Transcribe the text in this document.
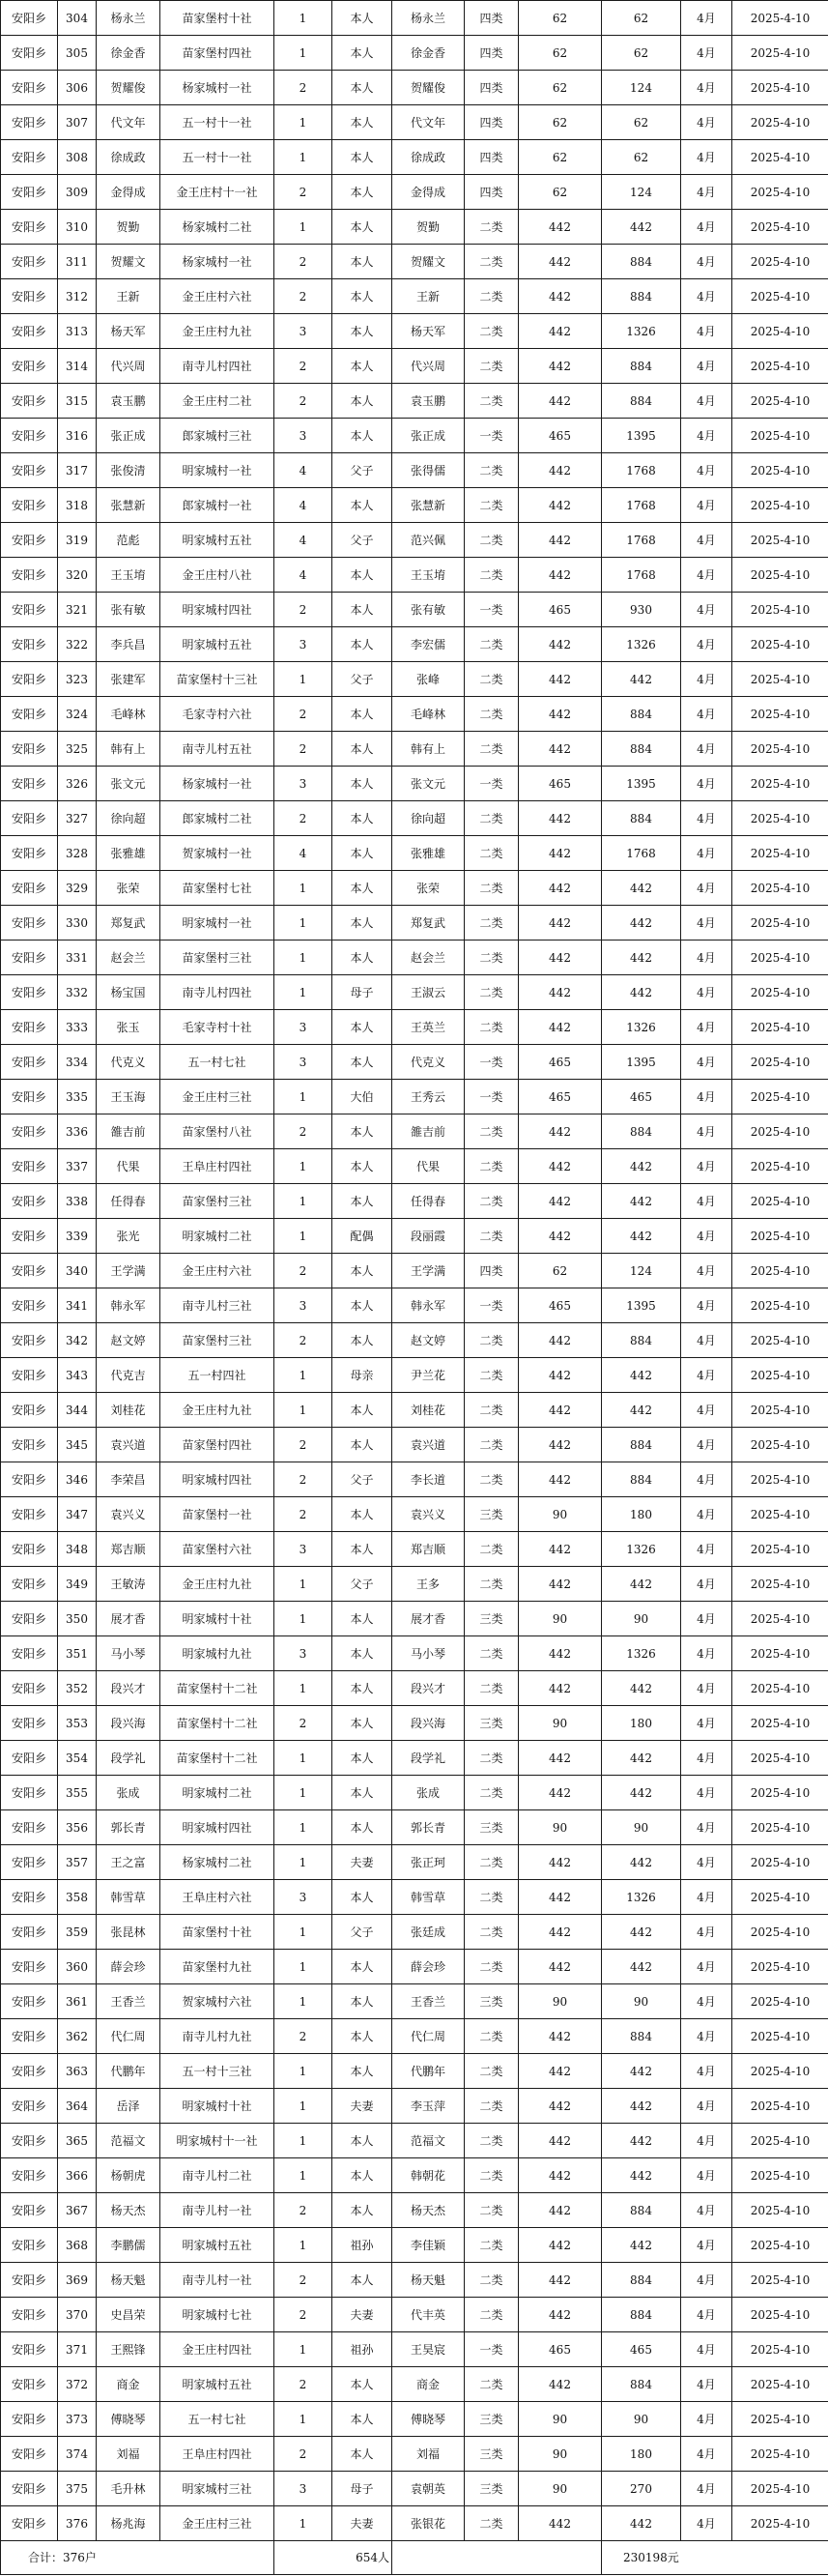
安阳乡	304	杨永兰	苗家堡村十社	1	本人	杨永兰	四类	62	62	4月	2025-4-10
安阳乡	305	徐金香	苗家堡村四社	1	本人	徐金香	四类	62	62	4月	2025-4-10
安阳乡	306	贺耀俊	杨家城村一社	2	本人	贺耀俊	四类	62	124	4月	2025-4-10
安阳乡	307	代文年	五一村十一社	1	本人	代文年	四类	62	62	4月	2025-4-10
安阳乡	308	徐成政	五一村十一社	1	本人	徐成政	四类	62	62	4月	2025-4-10
安阳乡	309	金得成	金王庄村十一社	2	本人	金得成	四类	62	124	4月	2025-4-10
安阳乡	310	贺勤	杨家城村二社	1	本人	贺勤	二类	442	442	4月	2025-4-10
安阳乡	311	贺耀文	杨家城村一社	2	本人	贺耀文	二类	442	884	4月	2025-4-10
安阳乡	312	王新	金王庄村六社	2	本人	王新	二类	442	884	4月	2025-4-10
安阳乡	313	杨天军	金王庄村九社	3	本人	杨天军	二类	442	1326	4月	2025-4-10
安阳乡	314	代兴周	南寺儿村四社	2	本人	代兴周	二类	442	884	4月	2025-4-10
安阳乡	315	袁玉鹏	金王庄村二社	2	本人	袁玉鹏	二类	442	884	4月	2025-4-10
安阳乡	316	张正成	郎家城村三社	3	本人	张正成	一类	465	1395	4月	2025-4-10
安阳乡	317	张俊清	明家城村一社	4	父子	张得儒	二类	442	1768	4月	2025-4-10
安阳乡	318	张慧新	郎家城村一社	4	本人	张慧新	二类	442	1768	4月	2025-4-10
安阳乡	319	范彪	明家城村五社	4	父子	范兴佩	二类	442	1768	4月	2025-4-10
安阳乡	320	王玉堉	金王庄村八社	4	本人	王玉堉	二类	442	1768	4月	2025-4-10
安阳乡	321	张有敏	明家城村四社	2	本人	张有敏	一类	465	930	4月	2025-4-10
安阳乡	322	李兵昌	明家城村五社	3	本人	李宏儒	二类	442	1326	4月	2025-4-10
安阳乡	323	张建军	苗家堡村十三社	1	父子	张峰	二类	442	442	4月	2025-4-10
安阳乡	324	毛峰林	毛家寺村六社	2	本人	毛峰林	二类	442	884	4月	2025-4-10
安阳乡	325	韩有上	南寺儿村五社	2	本人	韩有上	二类	442	884	4月	2025-4-10
安阳乡	326	张文元	杨家城村一社	3	本人	张文元	一类	465	1395	4月	2025-4-10
安阳乡	327	徐向超	郎家城村二社	2	本人	徐向超	二类	442	884	4月	2025-4-10
安阳乡	328	张雅雄	贺家城村一社	4	本人	张雅雄	二类	442	1768	4月	2025-4-10
安阳乡	329	张荣	苗家堡村七社	1	本人	张荣	二类	442	442	4月	2025-4-10
安阳乡	330	郑复武	明家城村一社	1	本人	郑复武	二类	442	442	4月	2025-4-10
安阳乡	331	赵会兰	苗家堡村三社	1	本人	赵会兰	二类	442	442	4月	2025-4-10
安阳乡	332	杨宝国	南寺儿村四社	1	母子	王淑云	二类	442	442	4月	2025-4-10
安阳乡	333	张玉	毛家寺村十社	3	本人	王英兰	二类	442	1326	4月	2025-4-10
安阳乡	334	代克义	五一村七社	3	本人	代克义	一类	465	1395	4月	2025-4-10
安阳乡	335	王玉海	金王庄村三社	1	大伯	王秀云	一类	465	465	4月	2025-4-10
安阳乡	336	雒吉前	苗家堡村八社	2	本人	雒吉前	二类	442	884	4月	2025-4-10
安阳乡	337	代果	王阜庄村四社	1	本人	代果	二类	442	442	4月	2025-4-10
安阳乡	338	任得春	苗家堡村三社	1	本人	任得春	二类	442	442	4月	2025-4-10
安阳乡	339	张光	明家城村二社	1	配偶	段丽霞	二类	442	442	4月	2025-4-10
安阳乡	340	王学满	金王庄村六社	2	本人	王学满	四类	62	124	4月	2025-4-10
安阳乡	341	韩永军	南寺儿村三社	3	本人	韩永军	一类	465	1395	4月	2025-4-10
安阳乡	342	赵文婷	苗家堡村三社	2	本人	赵文婷	二类	442	884	4月	2025-4-10
安阳乡	343	代克吉	五一村四社	1	母亲	尹兰花	二类	442	442	4月	2025-4-10
安阳乡	344	刘桂花	金王庄村九社	1	本人	刘桂花	二类	442	442	4月	2025-4-10
安阳乡	345	袁兴道	苗家堡村四社	2	本人	袁兴道	二类	442	884	4月	2025-4-10
安阳乡	346	李荣昌	明家城村四社	2	父子	李长道	二类	442	884	4月	2025-4-10
安阳乡	347	袁兴义	苗家堡村一社	2	本人	袁兴义	三类	90	180	4月	2025-4-10
安阳乡	348	郑吉顺	苗家堡村六社	3	本人	郑吉顺	二类	442	1326	4月	2025-4-10
安阳乡	349	王敏涛	金王庄村九社	1	父子	王多	二类	442	442	4月	2025-4-10
安阳乡	350	展才香	明家城村十社	1	本人	展才香	三类	90	90	4月	2025-4-10
安阳乡	351	马小琴	明家城村九社	3	本人	马小琴	二类	442	1326	4月	2025-4-10
安阳乡	352	段兴才	苗家堡村十二社	1	本人	段兴才	二类	442	442	4月	2025-4-10
安阳乡	353	段兴海	苗家堡村十二社	2	本人	段兴海	三类	90	180	4月	2025-4-10
安阳乡	354	段学礼	苗家堡村十二社	1	本人	段学礼	二类	442	442	4月	2025-4-10
安阳乡	355	张成	明家城村二社	1	本人	张成	二类	442	442	4月	2025-4-10
安阳乡	356	郭长青	明家城村四社	1	本人	郭长青	三类	90	90	4月	2025-4-10
安阳乡	357	王之富	杨家城村二社	1	夫妻	张正珂	二类	442	442	4月	2025-4-10
安阳乡	358	韩雪草	王阜庄村六社	3	本人	韩雪草	二类	442	1326	4月	2025-4-10
安阳乡	359	张昆林	苗家堡村十社	1	父子	张廷成	二类	442	442	4月	2025-4-10
安阳乡	360	薛会珍	苗家堡村九社	1	本人	薛会珍	二类	442	442	4月	2025-4-10
安阳乡	361	王香兰	贺家城村六社	1	本人	王香兰	三类	90	90	4月	2025-4-10
安阳乡	362	代仁周	南寺儿村九社	2	本人	代仁周	二类	442	884	4月	2025-4-10
安阳乡	363	代鹏年	五一村十三社	1	本人	代鹏年	二类	442	442	4月	2025-4-10
安阳乡	364	岳泽	明家城村十社	1	夫妻	李玉萍	二类	442	442	4月	2025-4-10
安阳乡	365	范福文	明家城村十一社	1	本人	范福文	二类	442	442	4月	2025-4-10
安阳乡	366	杨朝虎	南寺儿村二社	1	本人	韩朝花	二类	442	442	4月	2025-4-10
安阳乡	367	杨天杰	南寺儿村一社	2	本人	杨天杰	二类	442	884	4月	2025-4-10
安阳乡	368	李鹏儒	明家城村五社	1	祖孙	李佳颖	二类	442	442	4月	2025-4-10
安阳乡	369	杨天魁	南寺儿村一社	2	本人	杨天魁	二类	442	884	4月	2025-4-10
安阳乡	370	史昌荣	明家城村七社	2	夫妻	代丰英	二类	442	884	4月	2025-4-10
安阳乡	371	王熙锋	金王庄村四社	1	祖孙	王昊宸	一类	465	465	4月	2025-4-10
安阳乡	372	商金	明家城村五社	2	本人	商金	二类	442	884	4月	2025-4-10
安阳乡	373	傅晓琴	五一村七社	1	本人	傅晓琴	三类	90	90	4月	2025-4-10
安阳乡	374	刘福	王阜庄村四社	2	本人	刘福	三类	90	180	4月	2025-4-10
安阳乡	375	毛升林	明家城村三社	3	母子	袁朝英	三类	90	270	4月	2025-4-10
安阳乡	376	杨兆海	金王庄村三社	1	夫妻	张银花	二类	442	442	4月	2025-4-10
合计：376户				654人					230198元		
